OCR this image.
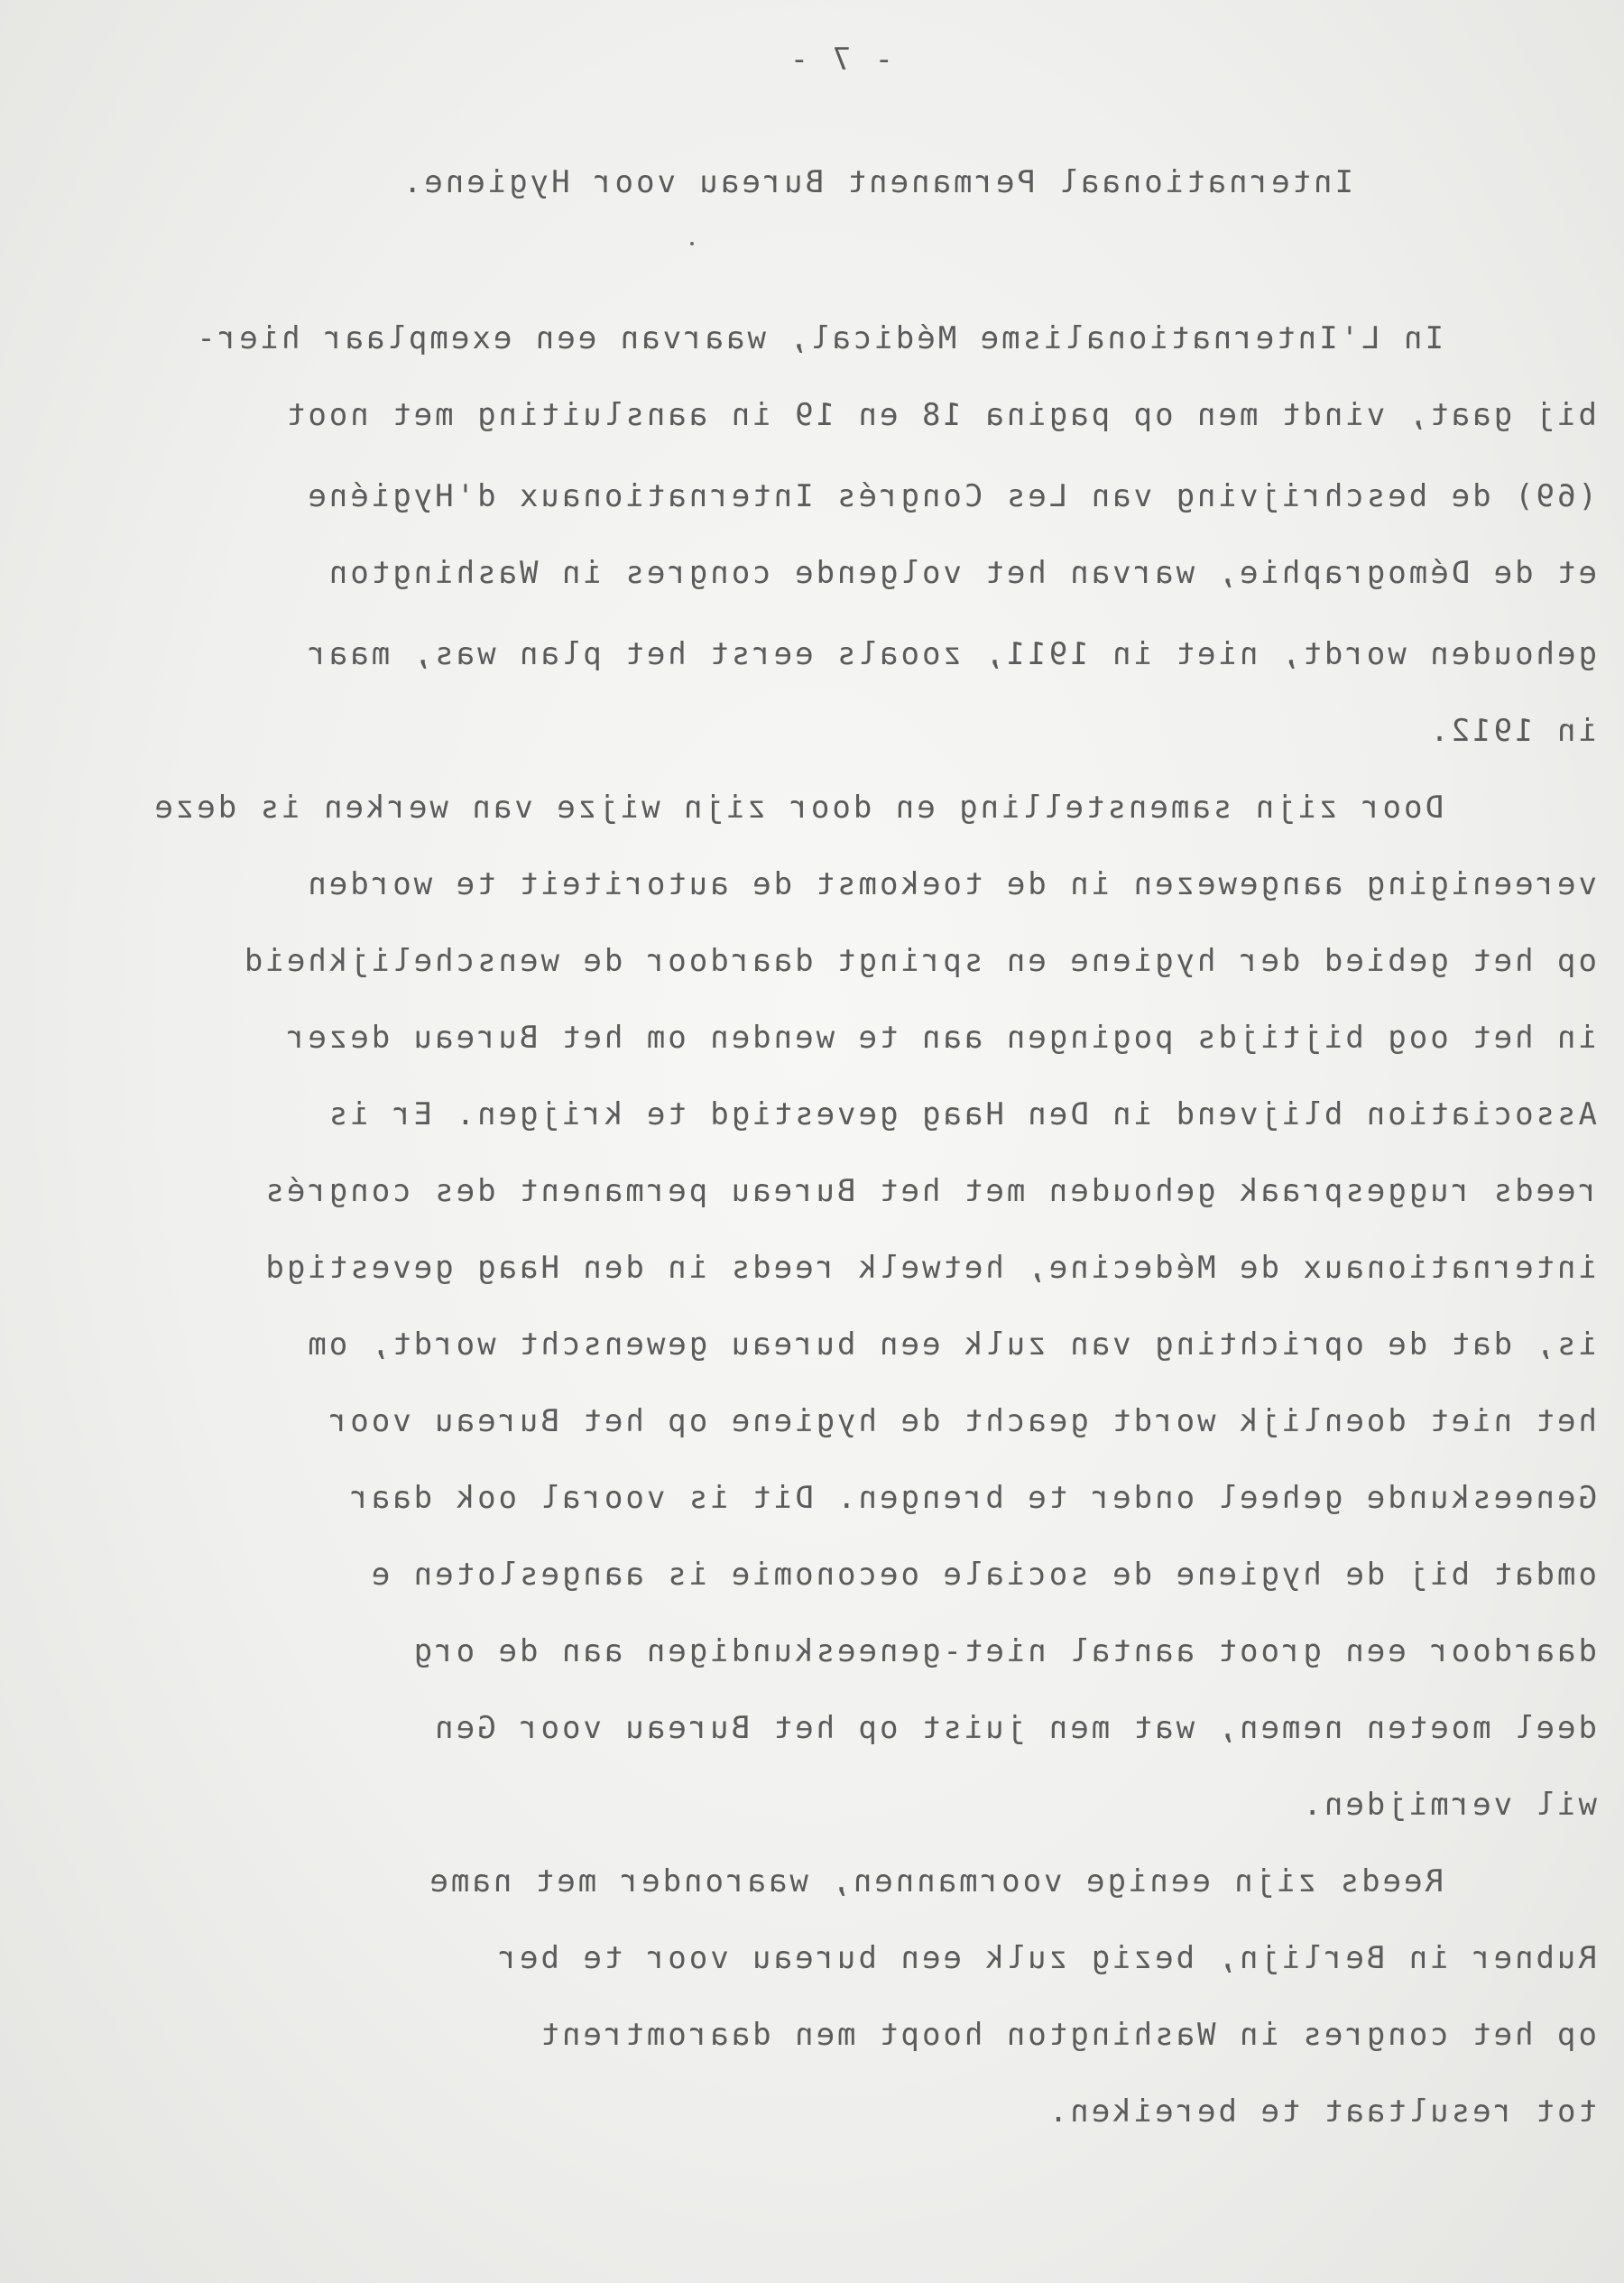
- 7 -

Internationaal Permanent Bureau voor Hygiene.

In L'Internationalisme Médical, waarvan een exemplaar hier-

bij gaat, vindt men op pagina 18 en 19 in aansluiting met noot

(69) de beschrijving van Les Congrés Internationaux d'Hygiéne

et de Démographie, warvan het volgende congres in Washington

gehouden wordt, niet in 1911, zooals eerst het plan was, maar

in 1912.

Door zijn samenstelling en door zijn wijze van werken is deze

vereeniging aangewezen in de toekomst de autoriteit te worden

op het gebied der hygiene en springt daardoor de wenschelijkheid

in het oog bijtijds pogingen aan te wenden om het Bureau dezer

Association blijvend in Den Haag gevestigd te krijgen. Er is

reeds ruggespraak gehouden met het Bureau permanent des congrés

internationaux de Médecine, hetwelk reeds in den Haag gevestigd

is, dat de oprichting van zulk een bureau gewenscht wordt, om

het niet doenlijk wordt geacht de hygiene op het Bureau voor

Geneeskunde geheel onder te brengen. Dit is vooral ook daar

omdat bij de hygiene de sociale oeconomie is aangesloten e

daardoor een groot aantal niet-geneeskundigen aan de org

deel moeten nemen, wat men juist op het Bureau voor Gen

wil vermijden.

Reeds zijn eenige voormannen, waaronder met name

Rubner in Berlijn, bezig zulk een bureau voor te ber

op het congres in Washington hoopt men daaromtrent

tot resultaat te bereiken.
